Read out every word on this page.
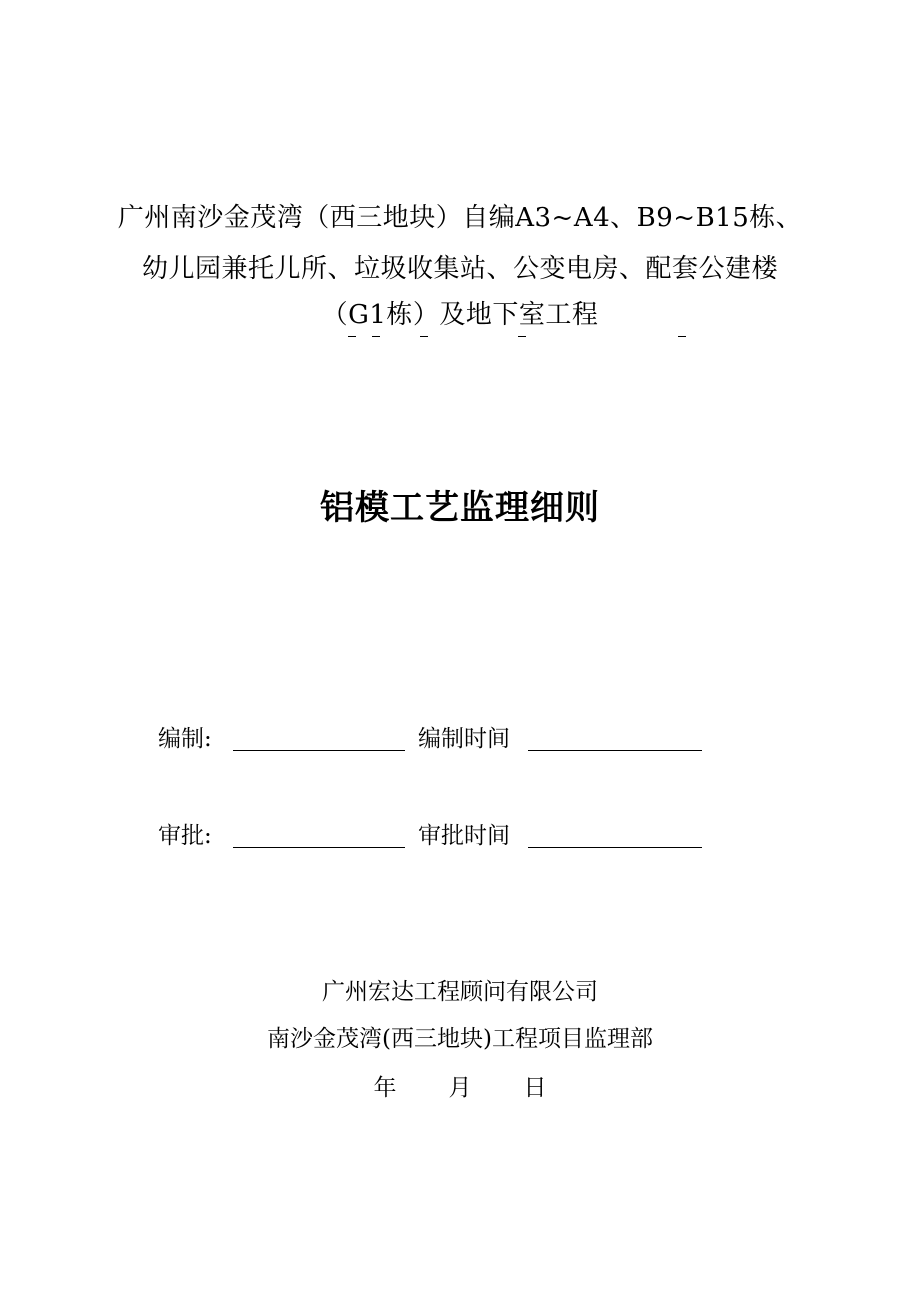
广州南沙金茂湾（西三地块）自编A3~A4、B9~B15栋、
幼儿园兼托儿所、垃圾收集站、公变电房、配套公建楼
（G1栋）及地下室工程
铝模工艺监理细则
编制:	编制时间
审批:	审批时间
广州宏达工程顾问有限公司
南沙金茂湾(西三地块)工程项目监理部
年 月 日
